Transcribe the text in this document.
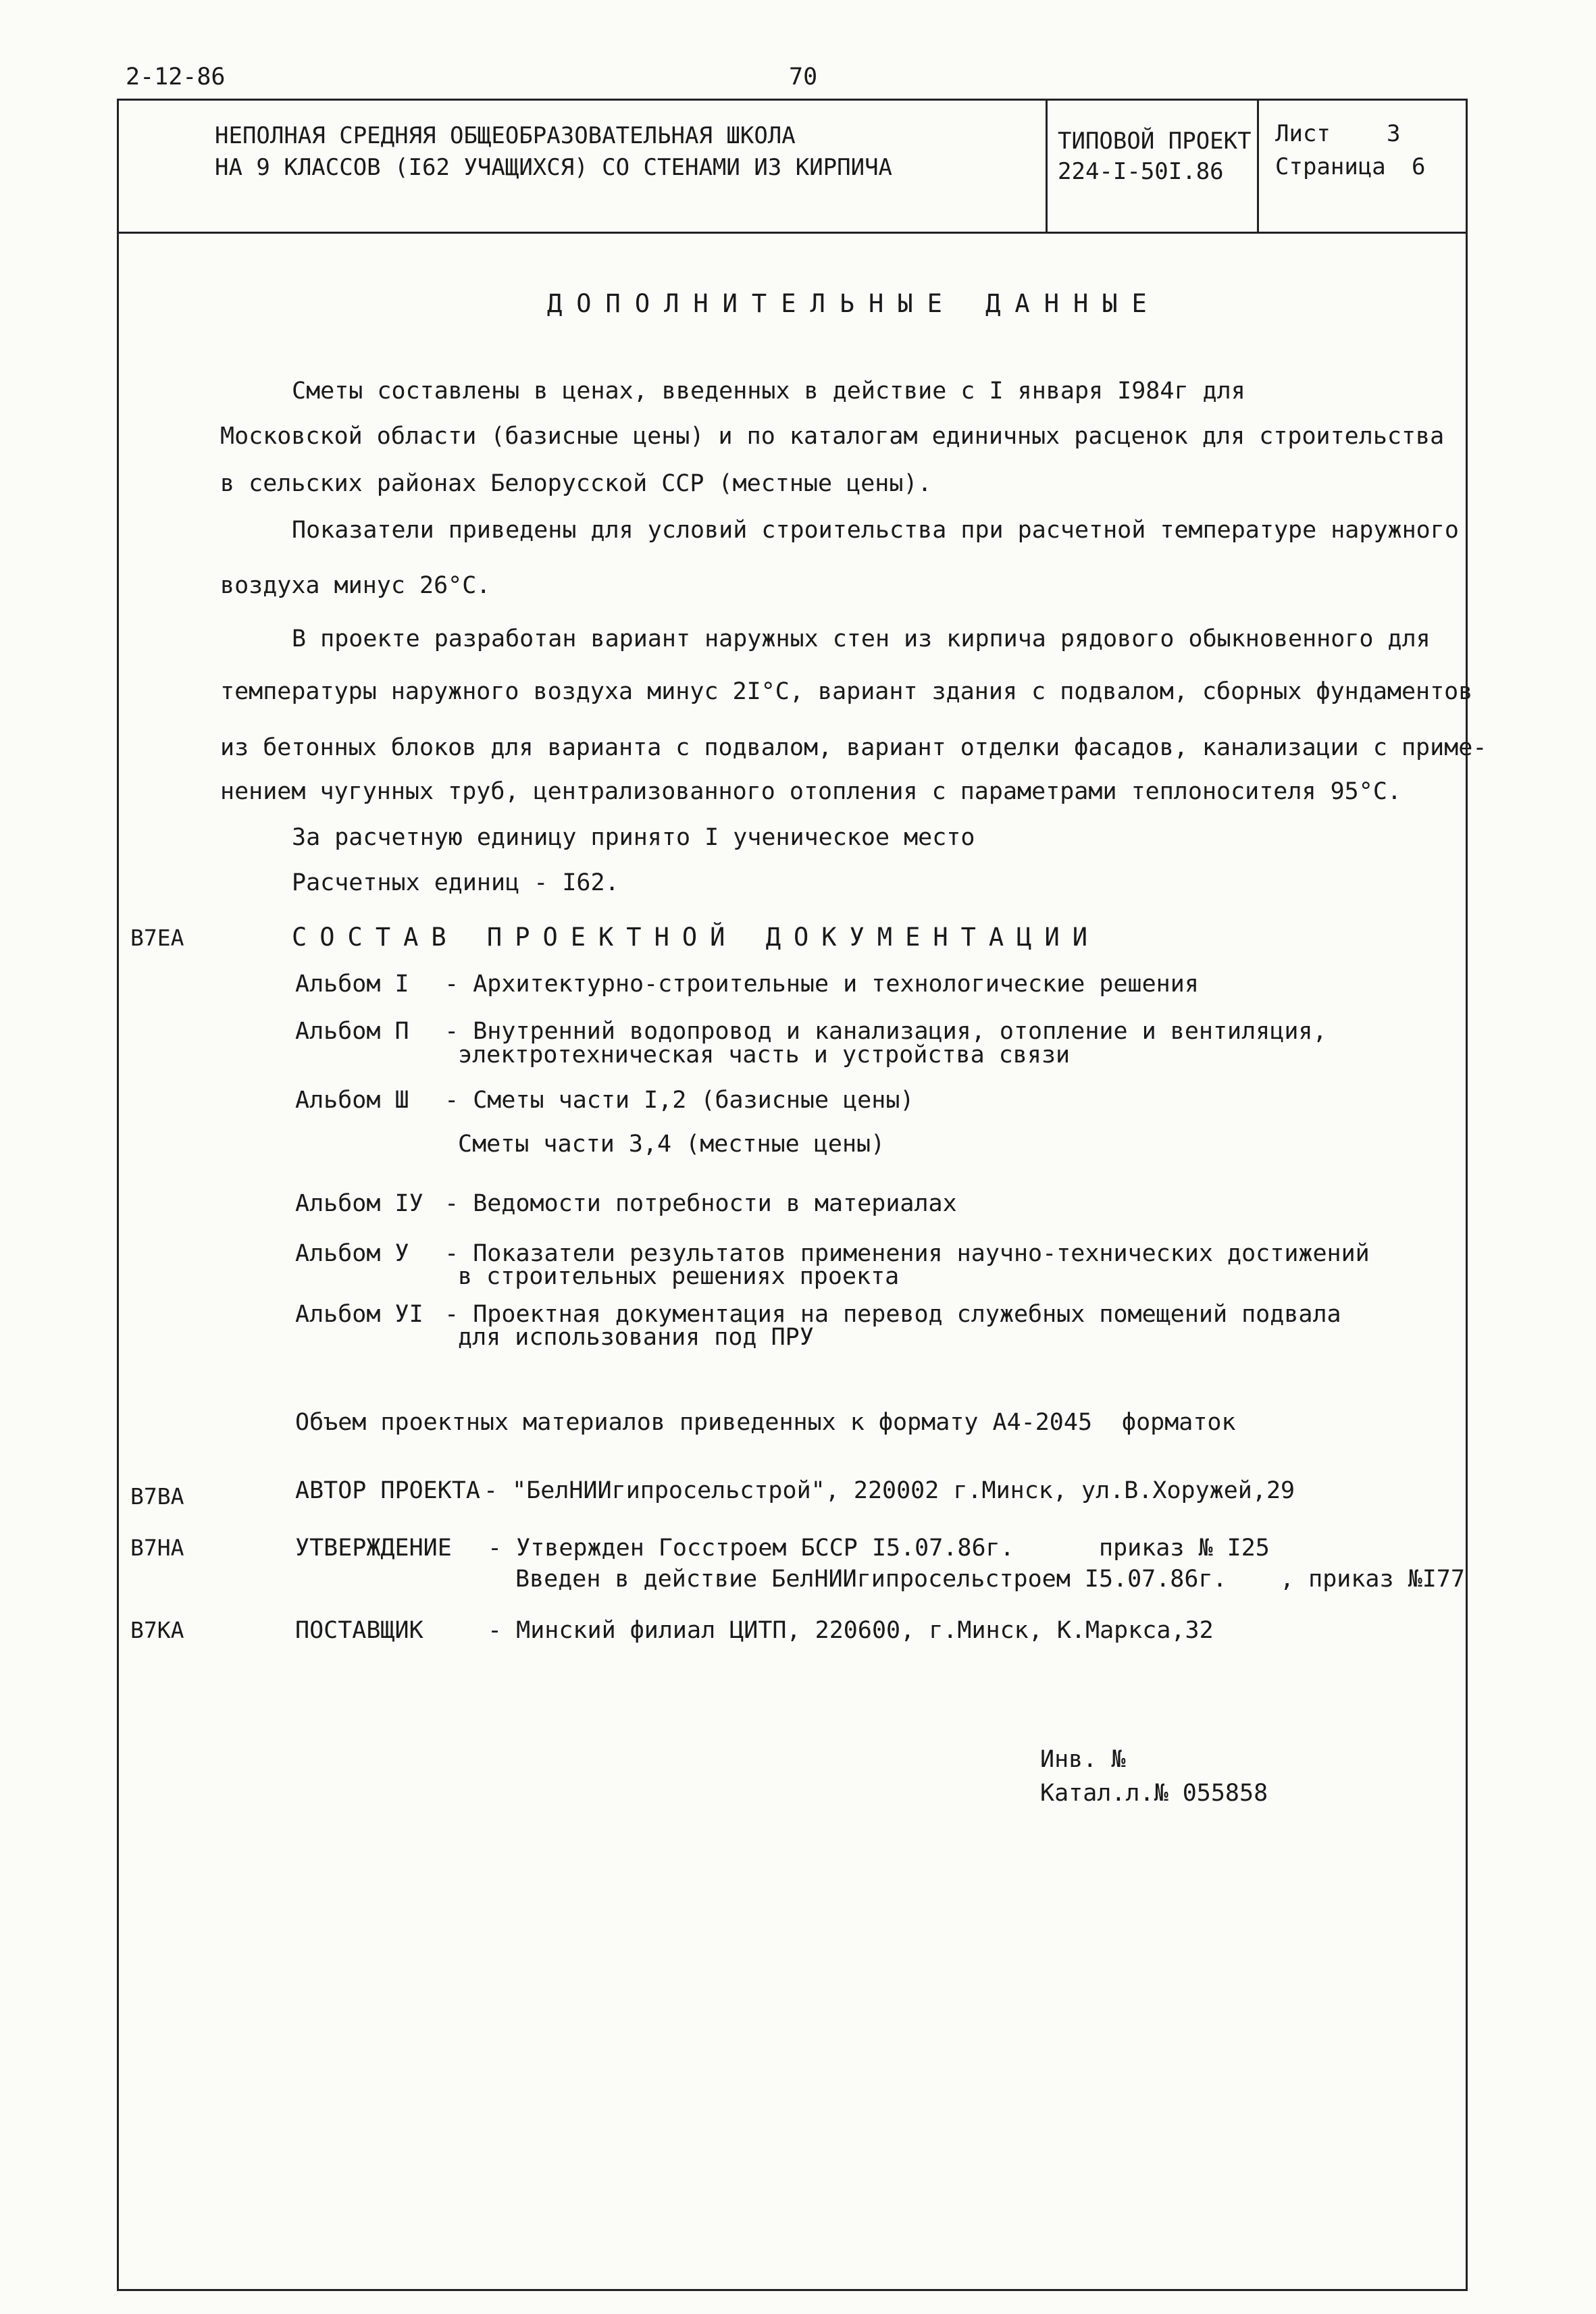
2-12-86	70
НЕПОЛНАЯ СРЕДНЯЯ ОБЩЕОБРАЗОВАТЕЛЬНАЯ ШКОЛА
НА 9 КЛАССОВ (I62 УЧАЩИХСЯ) СО СТЕНАМИ ИЗ КИРПИЧА
ТИПОВОЙ ПРОЕКТ
224-I-50I.86
Лист 3
Страница 6
ДОПОЛНИТЕЛЬНЫЕ ДАННЫЕ
Сметы составлены в ценах, введенных в действие с I января I984г для
Московской области (базисные цены) и по каталогам единичных расценок для строительства
в сельских районах Белорусской ССР (местные цены).
Показатели приведены для условий строительства при расчетной температуре наружного
воздуха минус 26°С.
В проекте разработан вариант наружных стен из кирпича рядового обыкновенного для
температуры наружного воздуха минус 2I°С, вариант здания с подвалом, сборных фундаментов
из бетонных блоков для варианта с подвалом, вариант отделки фасадов, канализации с приме-
нением чугунных труб, централизованного отопления с параметрами теплоносителя 95°С.
За расчетную единицу принято I ученическое место
Расчетных единиц - I62.
B7EA	СОСТАВ ПРОЕКТНОЙ ДОКУМЕНТАЦИИ
Альбом I - Архитектурно-строительные и технологические решения
Альбом П - Внутренний водопровод и канализация, отопление и вентиляция,
электротехническая часть и устройства связи
Альбом Ш - Сметы части I,2 (базисные цены)
Сметы части 3,4 (местные цены)
Альбом IУ - Ведомости потребности в материалах
Альбом У - Показатели результатов применения научно-технических достижений
в строительных решениях проекта
Альбом УI - Проектная документация на перевод служебных помещений подвала
для использования под ПРУ
Объем проектных материалов приведенных к формату А4-2045 форматок
B7BA	АВТОР ПРОЕКТА - "БелНИИгипросельстрой", 220002 г.Минск, ул.В.Хоружей,29
B7HA	УТВЕРЖДЕНИЕ - Утвержден Госстроем БССР I5.07.86г.	приказ № I25
Введен в действие БелНИИгипросельстроем I5.07.86г. , приказ №I77
B7KA	ПОСТАВЩИК	- Минский филиал ЦИТП, 220600, г.Минск, К.Маркса,32
Инв. №
Катал.л.№ 055858
